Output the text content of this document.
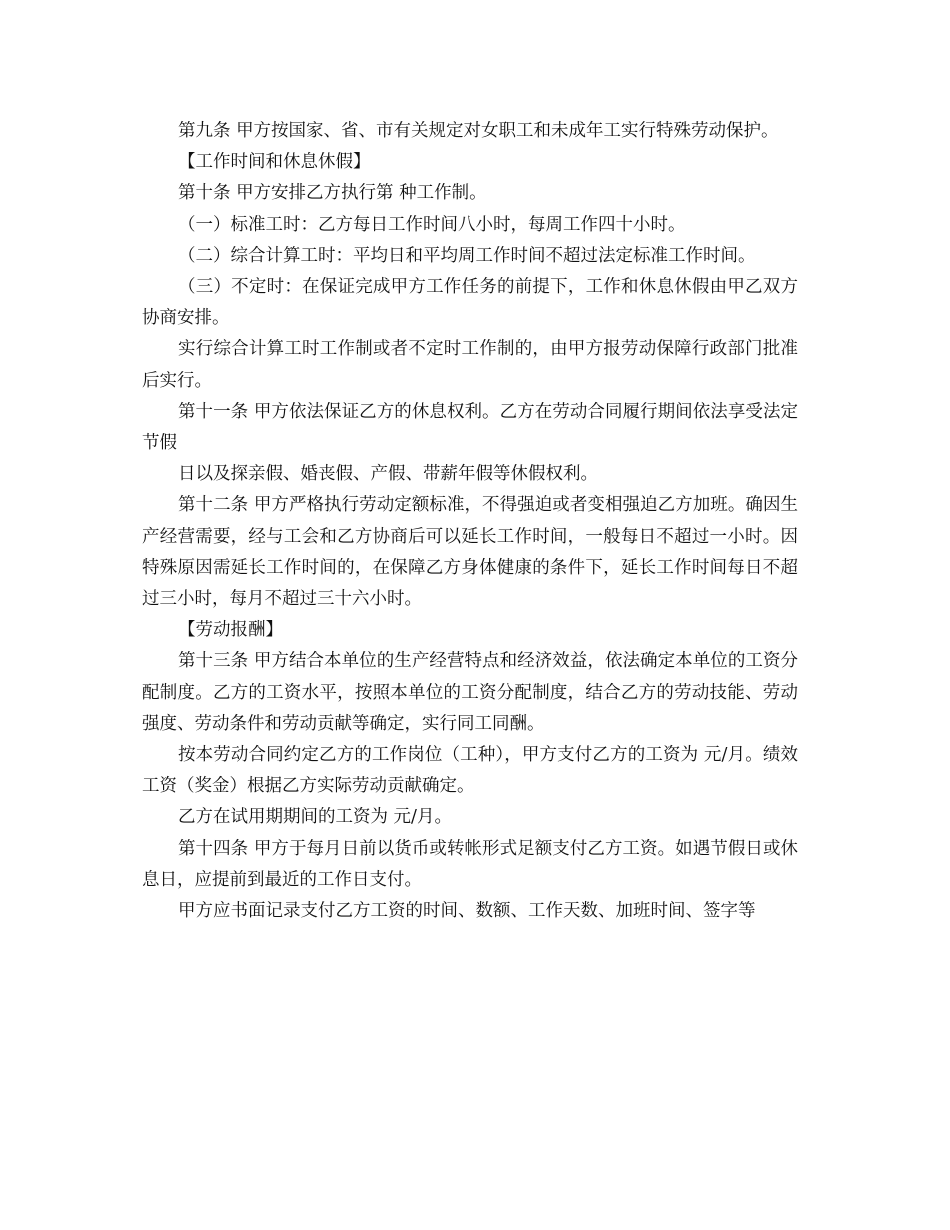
第九条 甲方按国家、省、市有关规定对女职工和未成年工实行特殊劳动保护。

【工作时间和休息休假】

第十条 甲方安排乙方执行第 种工作制。

（一）标准工时：乙方每日工作时间八小时，每周工作四十小时。

（二）综合计算工时：平均日和平均周工作时间不超过法定标准工作时间。

（三）不定时：在保证完成甲方工作任务的前提下，工作和休息休假由甲乙双方协商安排。

实行综合计算工时工作制或者不定时工作制的，由甲方报劳动保障行政部门批准后实行。

第十一条 甲方依法保证乙方的休息权利。乙方在劳动合同履行期间依法享受法定节假

日以及探亲假、婚丧假、产假、带薪年假等休假权利。

第十二条 甲方严格执行劳动定额标准，不得强迫或者变相强迫乙方加班。确因生产经营需要，经与工会和乙方协商后可以延长工作时间，一般每日不超过一小时。因特殊原因需延长工作时间的，在保障乙方身体健康的条件下，延长工作时间每日不超过三小时，每月不超过三十六小时。

【劳动报酬】

第十三条 甲方结合本单位的生产经营特点和经济效益，依法确定本单位的工资分配制度。乙方的工资水平，按照本单位的工资分配制度，结合乙方的劳动技能、劳动强度、劳动条件和劳动贡献等确定，实行同工同酬。

按本劳动合同约定乙方的工作岗位（工种），甲方支付乙方的工资为 元/月。绩效工资（奖金）根据乙方实际劳动贡献确定。

乙方在试用期期间的工资为 元/月。

第十四条 甲方于每月日前以货币或转帐形式足额支付乙方工资。如遇节假日或休息日，应提前到最近的工作日支付。

甲方应书面记录支付乙方工资的时间、数额、工作天数、加班时间、签字等
